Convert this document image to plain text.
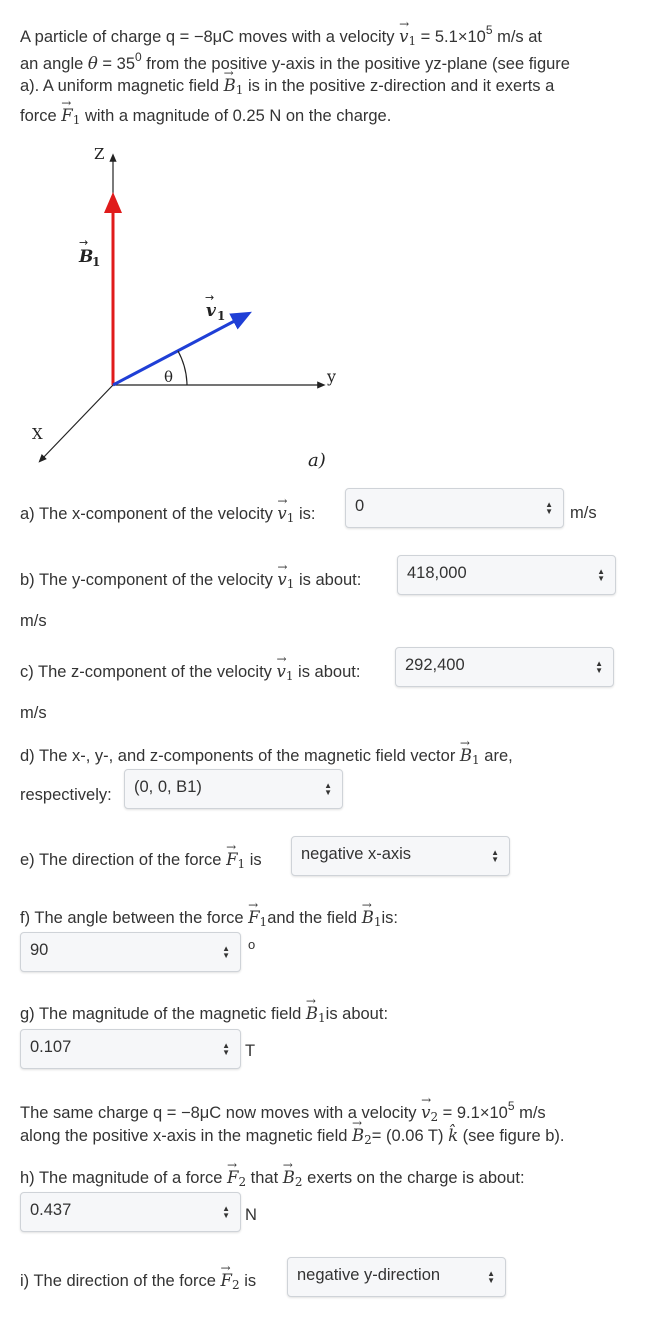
A particle of charge q = −8μC moves with a velocity → $v_1 = 5.1\times 10^5$ m/s at
an angle $\theta = 35^0$ from the positive y-axis in the positive yz-plane (see figure
a). A uniform magnetic field → $B_1$ is in the positive z-direction and it exerts a
force → $F_1$ with a magnitude of 0.25 N on the charge.
Z
y
X
B
1
→
v 1
→
θ
a)
a) The x-component of the velocity → $v_1$ is: 0	▲
▼ m/s
b) The y-component of the velocity → $v_1$ is about:	418,000	▲
▼
m/s
c) The z-component of the velocity → $v_1$ is about:	292,400	▲
▼
m/s
d) The x-, y-, and z-components of the magnetic field vector → $B_1$ are,
respectively: (0, 0, B1)	▲
▼
e) The direction of the force → $F_1$ is negative x-axis	▲
▼
f) The angle between the force → $F_1and$ the field → $B_1is$:
90	▲
▼
o
g) The magnitude of the magnetic field → $B_1is$ about:
0.107	▲
▼ T
The same charge q = −8μC now moves with a velocity → $v_2 = 9.1\times 10^5$ m/s
along the positive x-axis in the magnetic field → $B_2= (0.06$ T) k̂ (see figure b).
h) The magnitude of a force → $F_2$ that → $B_2$ exerts on the charge is about:
0.437	▲
▼ N
i) The direction of the force → $F_2$ is negative y-direction	▲
▼
